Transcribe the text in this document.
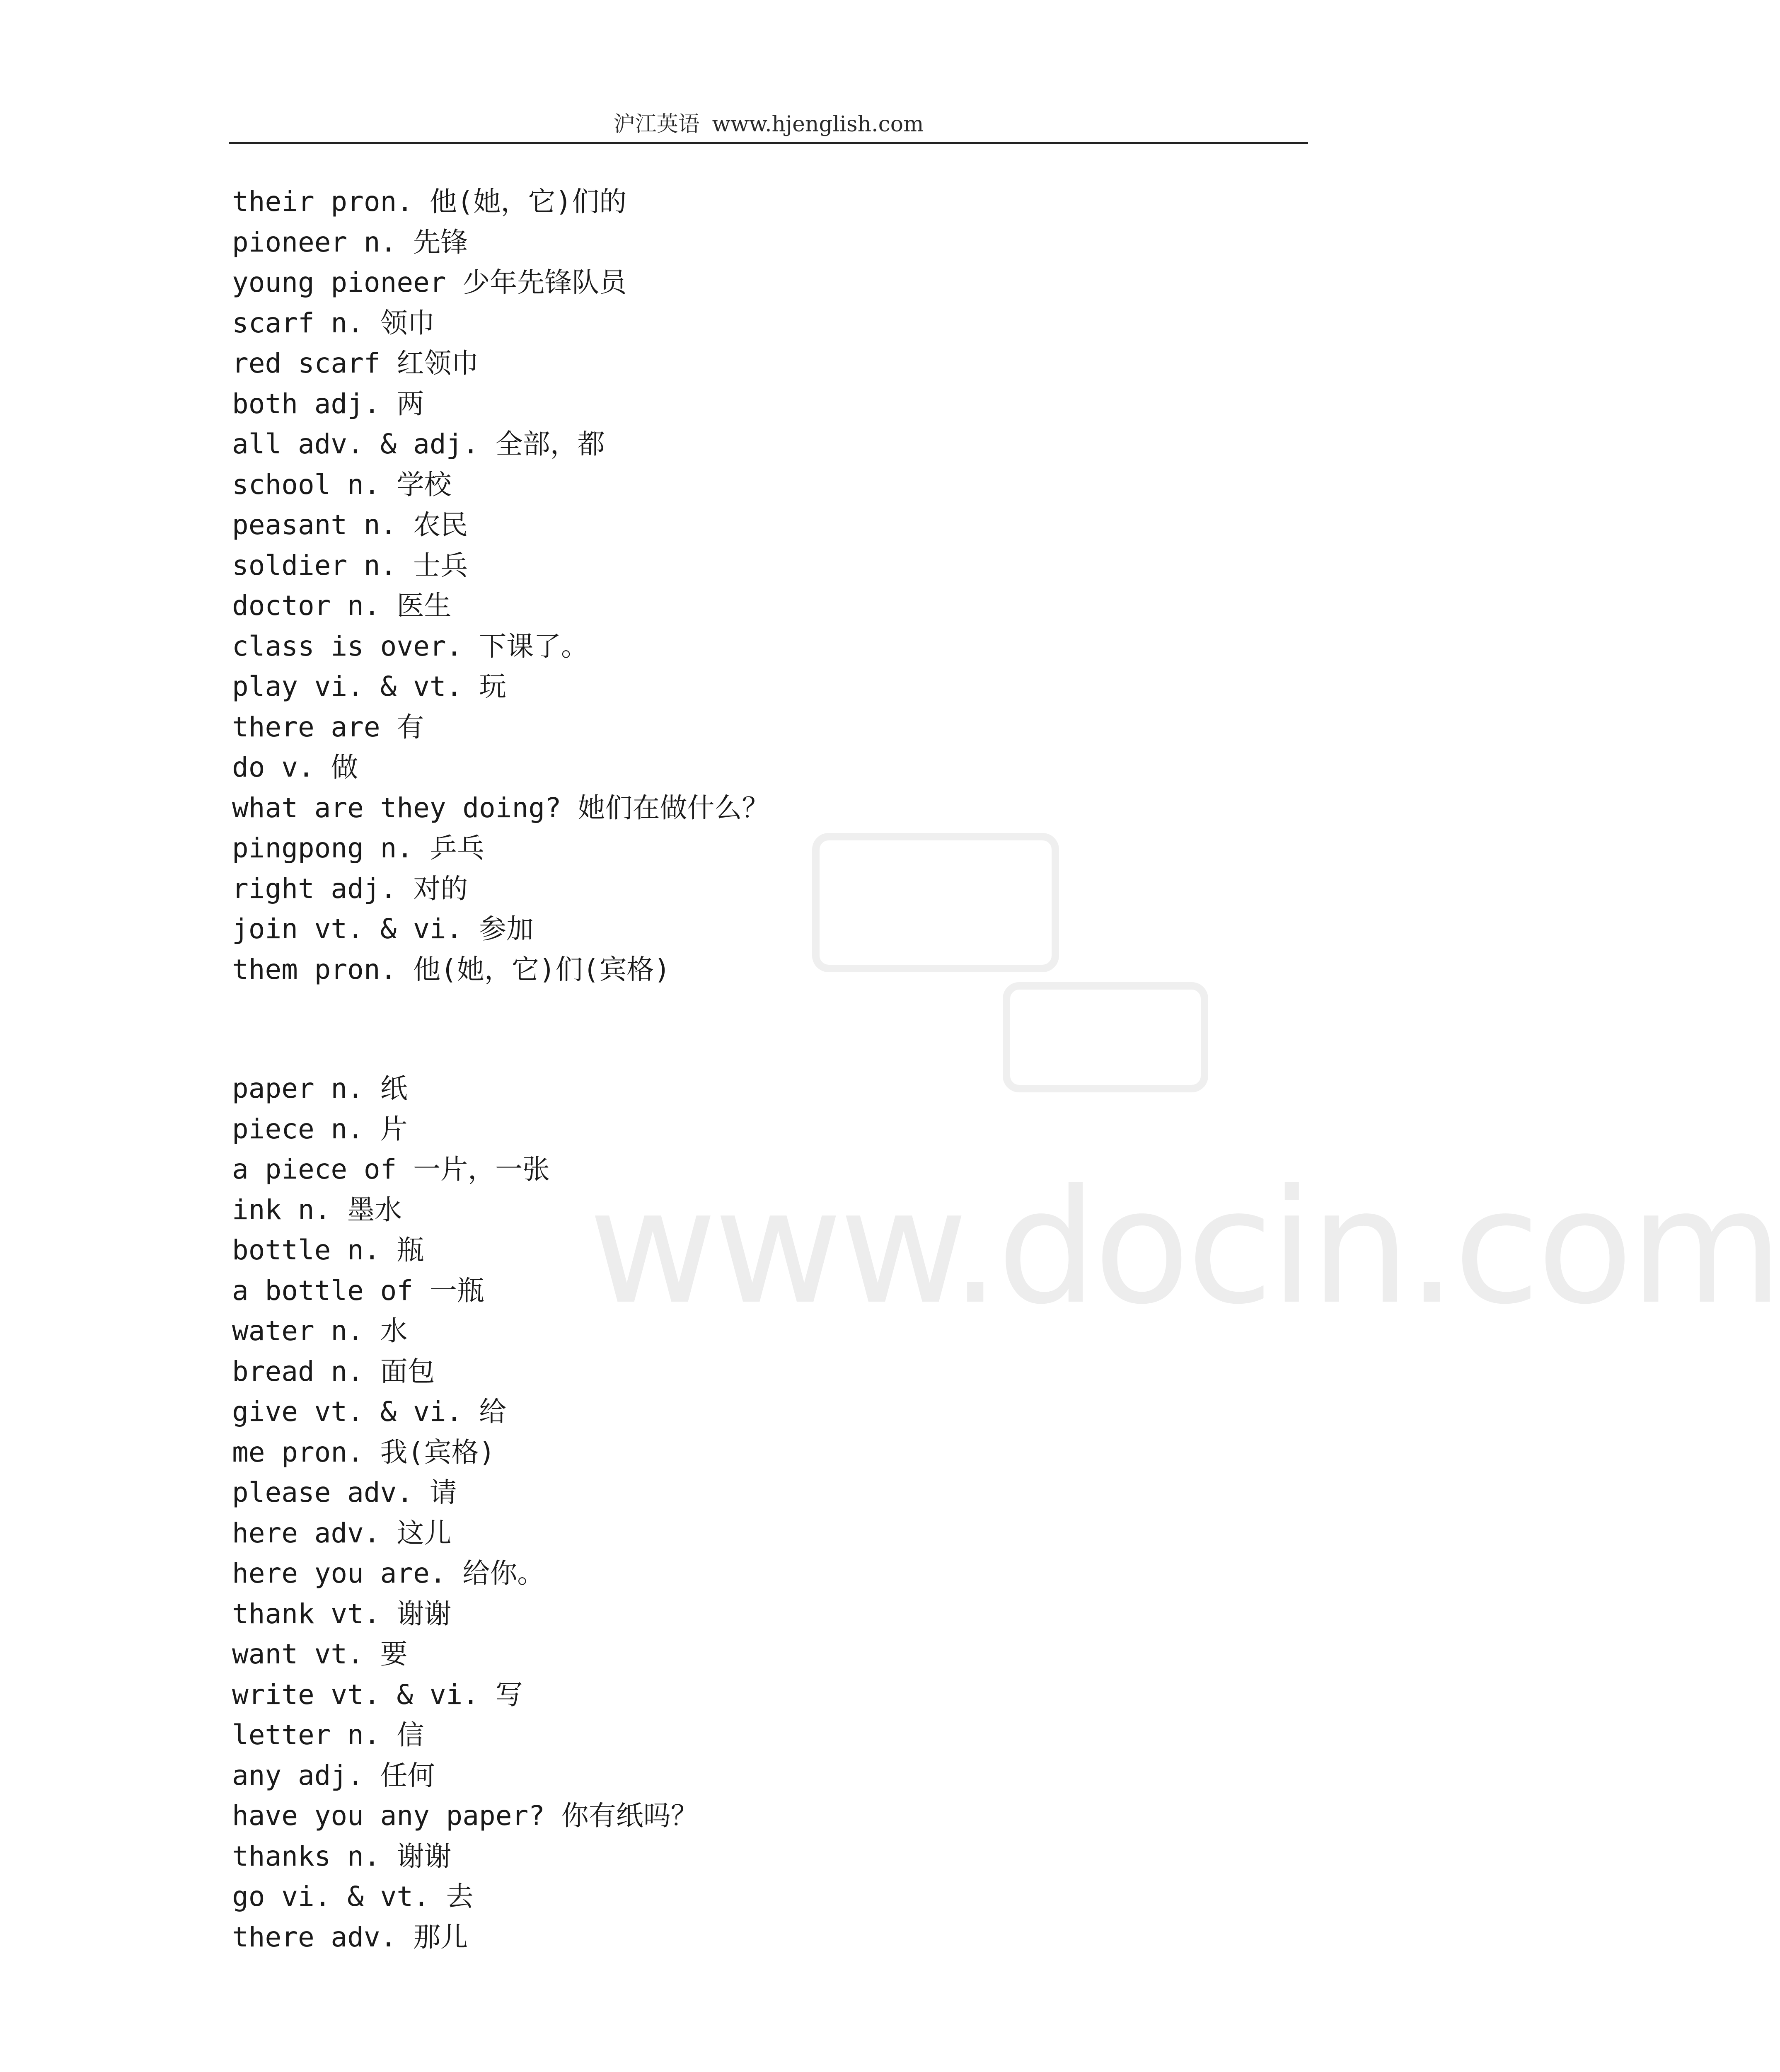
沪江英语 www.hjenglish.com
www.docin.com
their pron. 他(她，它)们的
pioneer n. 先锋
young pioneer 少年先锋队员
scarf n. 领巾
red scarf 红领巾
both adj. 两
all adv. & adj. 全部，都
school n. 学校
peasant n. 农民
soldier n. 士兵
doctor n. 医生
class is over. 下课了。
play vi. & vt. 玩
there are 有
do v. 做
what are they doing? 她们在做什么？
pingpong n. 乒乓
right adj. 对的
join vt. & vi. 参加
them pron. 他(她，它)们(宾格)
paper n. 纸
piece n. 片
a piece of 一片，一张
ink n. 墨水
bottle n. 瓶
a bottle of 一瓶
water n. 水
bread n. 面包
give vt. & vi. 给
me pron. 我(宾格)
please adv. 请
here adv. 这儿
here you are. 给你。
thank vt. 谢谢
want vt. 要
write vt. & vi. 写
letter n. 信
any adj. 任何
have you any paper? 你有纸吗？
thanks n. 谢谢
go vi. & vt. 去
there adv. 那儿
